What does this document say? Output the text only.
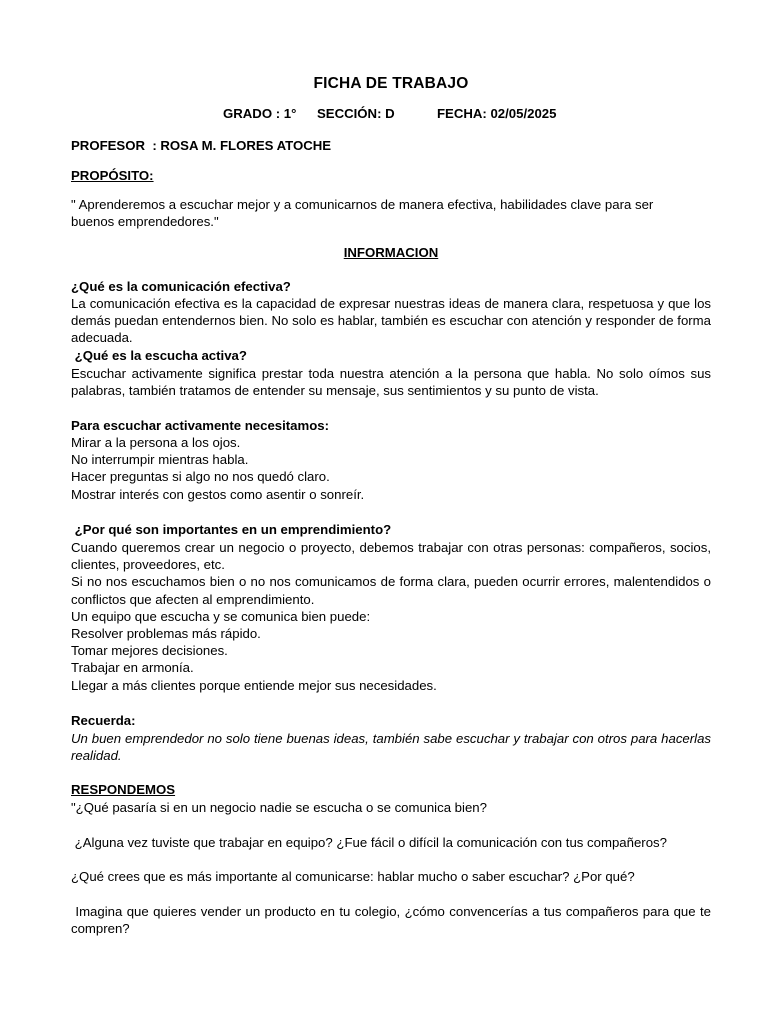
FICHA DE TRABAJO
GRADO : 1° SECCIÓN: D	FECHA: 02/05/2025
PROFESOR  : ROSA M. FLORES ATOCHE
PROPÓSITO:
" Aprenderemos a escuchar mejor y a comunicarnos de manera efectiva, habilidades clave para ser buenos emprendedores."
INFORMACION
¿Qué es la comunicación efectiva?
La comunicación efectiva es la capacidad de expresar nuestras ideas de manera clara, respetuosa y que los demás puedan entendernos bien. No solo es hablar, también es escuchar con atención y responder de forma adecuada.
¿Qué es la escucha activa?
Escuchar activamente significa prestar toda nuestra atención a la persona que habla. No solo oímos sus palabras, también tratamos de entender su mensaje, sus sentimientos y su punto de vista.
Para escuchar activamente necesitamos:
Mirar a la persona a los ojos.
No interrumpir mientras habla.
Hacer preguntas si algo no nos quedó claro.
Mostrar interés con gestos como asentir o sonreír.
¿Por qué son importantes en un emprendimiento?
Cuando queremos crear un negocio o proyecto, debemos trabajar con otras personas: compañeros, socios, clientes, proveedores, etc.
Si no nos escuchamos bien o no nos comunicamos de forma clara, pueden ocurrir errores, malentendidos o conflictos que afecten al emprendimiento.
Un equipo que escucha y se comunica bien puede:
Resolver problemas más rápido.
Tomar mejores decisiones.
Trabajar en armonía.
Llegar a más clientes porque entiende mejor sus necesidades.
Recuerda:
Un buen emprendedor no solo tiene buenas ideas, también sabe escuchar y trabajar con otros para hacerlas realidad.
RESPONDEMOS
"¿Qué pasaría si en un negocio nadie se escucha o se comunica bien?
¿Alguna vez tuviste que trabajar en equipo? ¿Fue fácil o difícil la comunicación con tus compañeros?
¿Qué crees que es más importante al comunicarse: hablar mucho o saber escuchar? ¿Por qué?
Imagina que quieres vender un producto en tu colegio, ¿cómo convencerías a tus compañeros para que te compren?
